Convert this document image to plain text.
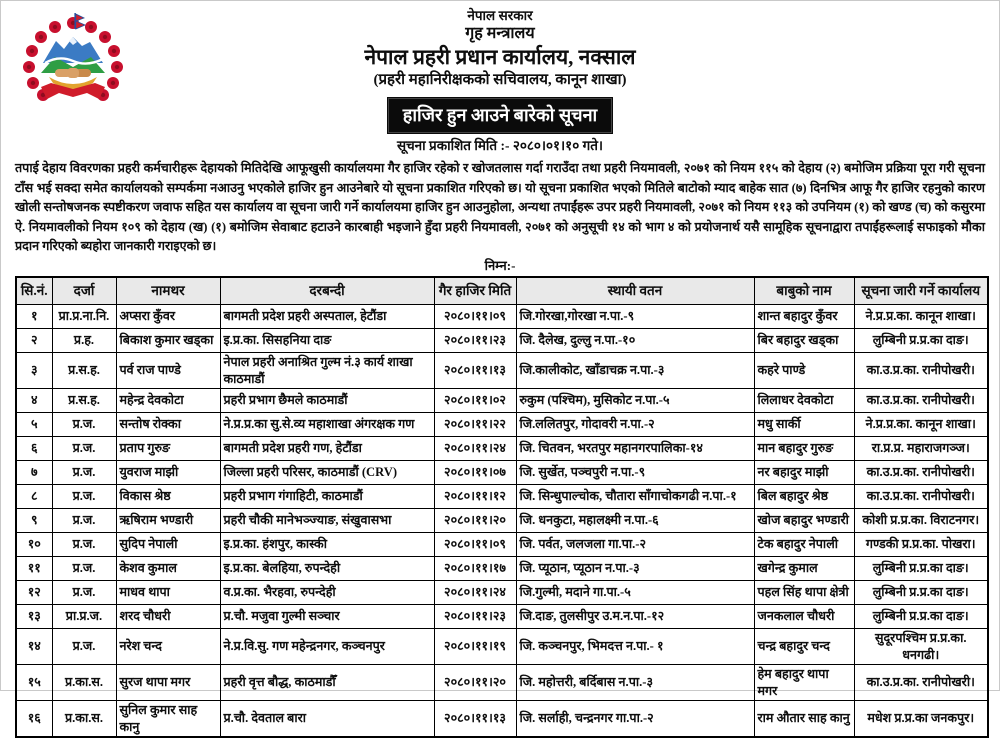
नेपाल सरकार
गृह मन्त्रालय
नेपाल प्रहरी प्रधान कार्यालय, नक्साल
(प्रहरी महानिरीक्षकको सचिवालय, कानून शाखा)
हाजिर हुन आउने बारेको सूचना
सूचना प्रकाशित मिति :- २०८०।०१।१० गते।

तपाई देहाय विवरणका प्रहरी कर्मचारीहरू देहायको मितिदेखि आफूखुसी कार्यालयमा गैर हाजिर रहेको र खोजतलास गर्दा गराउँदा तथा प्रहरी नियमावली, २०७१ को नियम ११५ को देहाय (२) बमोजिम प्रक्रिया पूरा गरी सूचना टाँस भई सक्दा समेत कार्यालयको सम्पर्कमा नआउनु भएकोले हाजिर हुन आउनेबारे यो सूचना प्रकाशित गरिएको छ। यो सूचना प्रकाशित भएको मितिले बाटोको म्याद बाहेक सात (७) दिनभित्र आफू गैर हाजिर रहनुको कारण खोली सन्तोषजनक स्पष्टीकरण जवाफ सहित यस कार्यालय वा सूचना जारी गर्ने कार्यालयमा हाजिर हुन आउनुहोला, अन्यथा तपाईंहरू उपर प्रहरी नियमावली, २०७१ को नियम ११३ को उपनियम (१) को खण्ड (च) को कसुरमा ऐ. नियमावलीको नियम १०९ को देहाय (ख) (१) बमोजिम सेवाबाट हटाउने कारबाही भइजाने हुँदा प्रहरी नियमावली, २०७१ को अनुसूची १४ को भाग ४ को प्रयोजनार्थ यसै सामूहिक सूचनाद्वारा तपाईंहरूलाई सफाइको मौका प्रदान गरिएको ब्यहोरा जानकारी गराइएको छ।

निम्न:-
सि.नं.	दर्जा	नामथर	दरबन्दी	गैर हाजिर मिति	स्थायी वतन	बाबुको नाम	सूचना जारी गर्ने कार्यालय
१	प्रा.प्र.ना.नि.	अप्सरा कुँवर	बागमती प्रदेश प्रहरी अस्पताल, हेटौंडा	२०८०।११।०९	जि.गोरखा,गोरखा न.पा.-९	शान्त बहादुर कुँवर	ने.प्र.प्र.का. कानून शाखा।
२	प्र.ह.	बिकाश कुमार खड्का	इ.प्र.का. सिसहनिया दाङ	२०८०।११।२३	जि. दैलेख, दुल्लु न.पा.-१०	बिर बहादुर खड्का	लुम्बिनी प्र.प्र.का दाङ।
३	प्र.स.ह.	पर्व राज पाण्डे	नेपाल प्रहरी अनाश्रित गुल्म नं.३ कार्य शाखा काठमाडौं	२०८०।११।१३	जि.कालीकोट, खाँडाचक्र न.पा.-३	कहरे पाण्डे	का.उ.प्र.का. रानीपोखरी।
४	प्र.स.ह.	महेन्द्र देवकोटा	प्रहरी प्रभाग छैमले काठमाडौं	२०८०।११।०२	रुकुम (पश्चिम), मुसिकोट न.पा.-५	लिलाधर देवकोटा	का.उ.प्र.का. रानीपोखरी।
५	प्र.ज.	सन्तोष रोक्का	ने.प्र.प्र.का सु.से.व्य महाशाखा अंगरक्षक गण	२०८०।११।२२	जि.ललितपुर, गोदावरी न.पा.-२	मधु सार्की	ने.प्र.प्र.का. कानून शाखा।
६	प्र.ज.	प्रताप गुरुङ	बागमती प्रदेश प्रहरी गण, हेटौंडा	२०८०।११।२४	जि. चितवन, भरतपुर महानगरपालिका-१४	मान बहादुर गुरुङ	रा.प्र.प्र. महाराजगञ्ज।
७	प्र.ज.	युवराज माझी	जिल्ला प्रहरी परिसर, काठमाडौं (CRV)	२०८०।११।०७	जि. सुर्खेत, पञ्चपुरी न.पा.-९	नर बहादुर माझी	का.उ.प्र.का. रानीपोखरी।
८	प्र.ज.	विकास श्रेष्ठ	प्रहरी प्रभाग गंगाहिटी, काठमाडौं	२०८०।११।१२	जि. सिन्धुपाल्चोक, चौतारा साँगाचोकगढी न.पा.-१	बिल बहादुर श्रेष्ठ	का.उ.प्र.का. रानीपोखरी।
९	प्र.ज.	ऋषिराम भण्डारी	प्रहरी चौकी मानेभञ्ज्याङ, संखुवासभा	२०८०।११।२०	जि. धनकुटा, महालक्ष्मी न.पा.-६	खोज बहादुर भण्डारी	कोशी प्र.प्र.का. विराटनगर।
१०	प्र.ज.	सुदिप नेपाली	इ.प्र.का. हंशपुर, कास्की	२०८०।११।०९	जि. पर्वत, जलजला गा.पा.-२	टेक बहादुर नेपाली	गण्डकी प्र.प्र.का. पोखरा।
११	प्र.ज.	केशव कुमाल	इ.प्र.का. बेलहिया, रुपन्देही	२०८०।११।१७	जि. प्यूठान, प्यूठान न.पा.-३	खगेन्द्र कुमाल	लुम्बिनी प्र.प्र.का दाङ।
१२	प्र.ज.	माधव थापा	व.प्र.का. भैरहवा, रुपन्देही	२०८०।११।२४	जि.गुल्मी, मदाने गा.पा.-५	पहल सिंह थापा क्षेत्री	लुम्बिनी प्र.प्र.का दाङ।
१३	प्रा.प्र.ज.	शरद चौधरी	प्र.चौ. मजुवा गुल्मी सञ्चार	२०८०।११।२३	जि.दाङ, तुलसीपुर उ.म.न.पा.-१२	जनकलाल चौधरी	लुम्बिनी प्र.प्र.का दाङ।
१४	प्र.ज.	नरेश चन्द	ने.प्र.वि.सु. गण महेन्द्रनगर, कञ्चनपुर	२०८०।११।१९	जि. कञ्चनपुर, भिमदत्त न.पा.- १	चन्द्र बहादुर चन्द	सुदूरपश्चिम प्र.प्र.का. धनगढी।
१५	प्र.का.स.	सुरज थापा मगर	प्रहरी वृत्त बौद्ध, काठमाडौँ	२०८०।११।२०	जि. महोत्तरी, बर्दिबास न.पा.-३	हेम बहादुर थापा मगर	का.उ.प्र.का. रानीपोखरी।
१६	प्र.का.स.	सुनिल कुमार साह कानु	प्र.चौ. देवताल बारा	२०८०।११।१३	जि. सर्लाही, चन्द्रनगर गा.पा.-२	राम औतार साह कानु	मधेश प्र.प्र.का जनकपुर।
